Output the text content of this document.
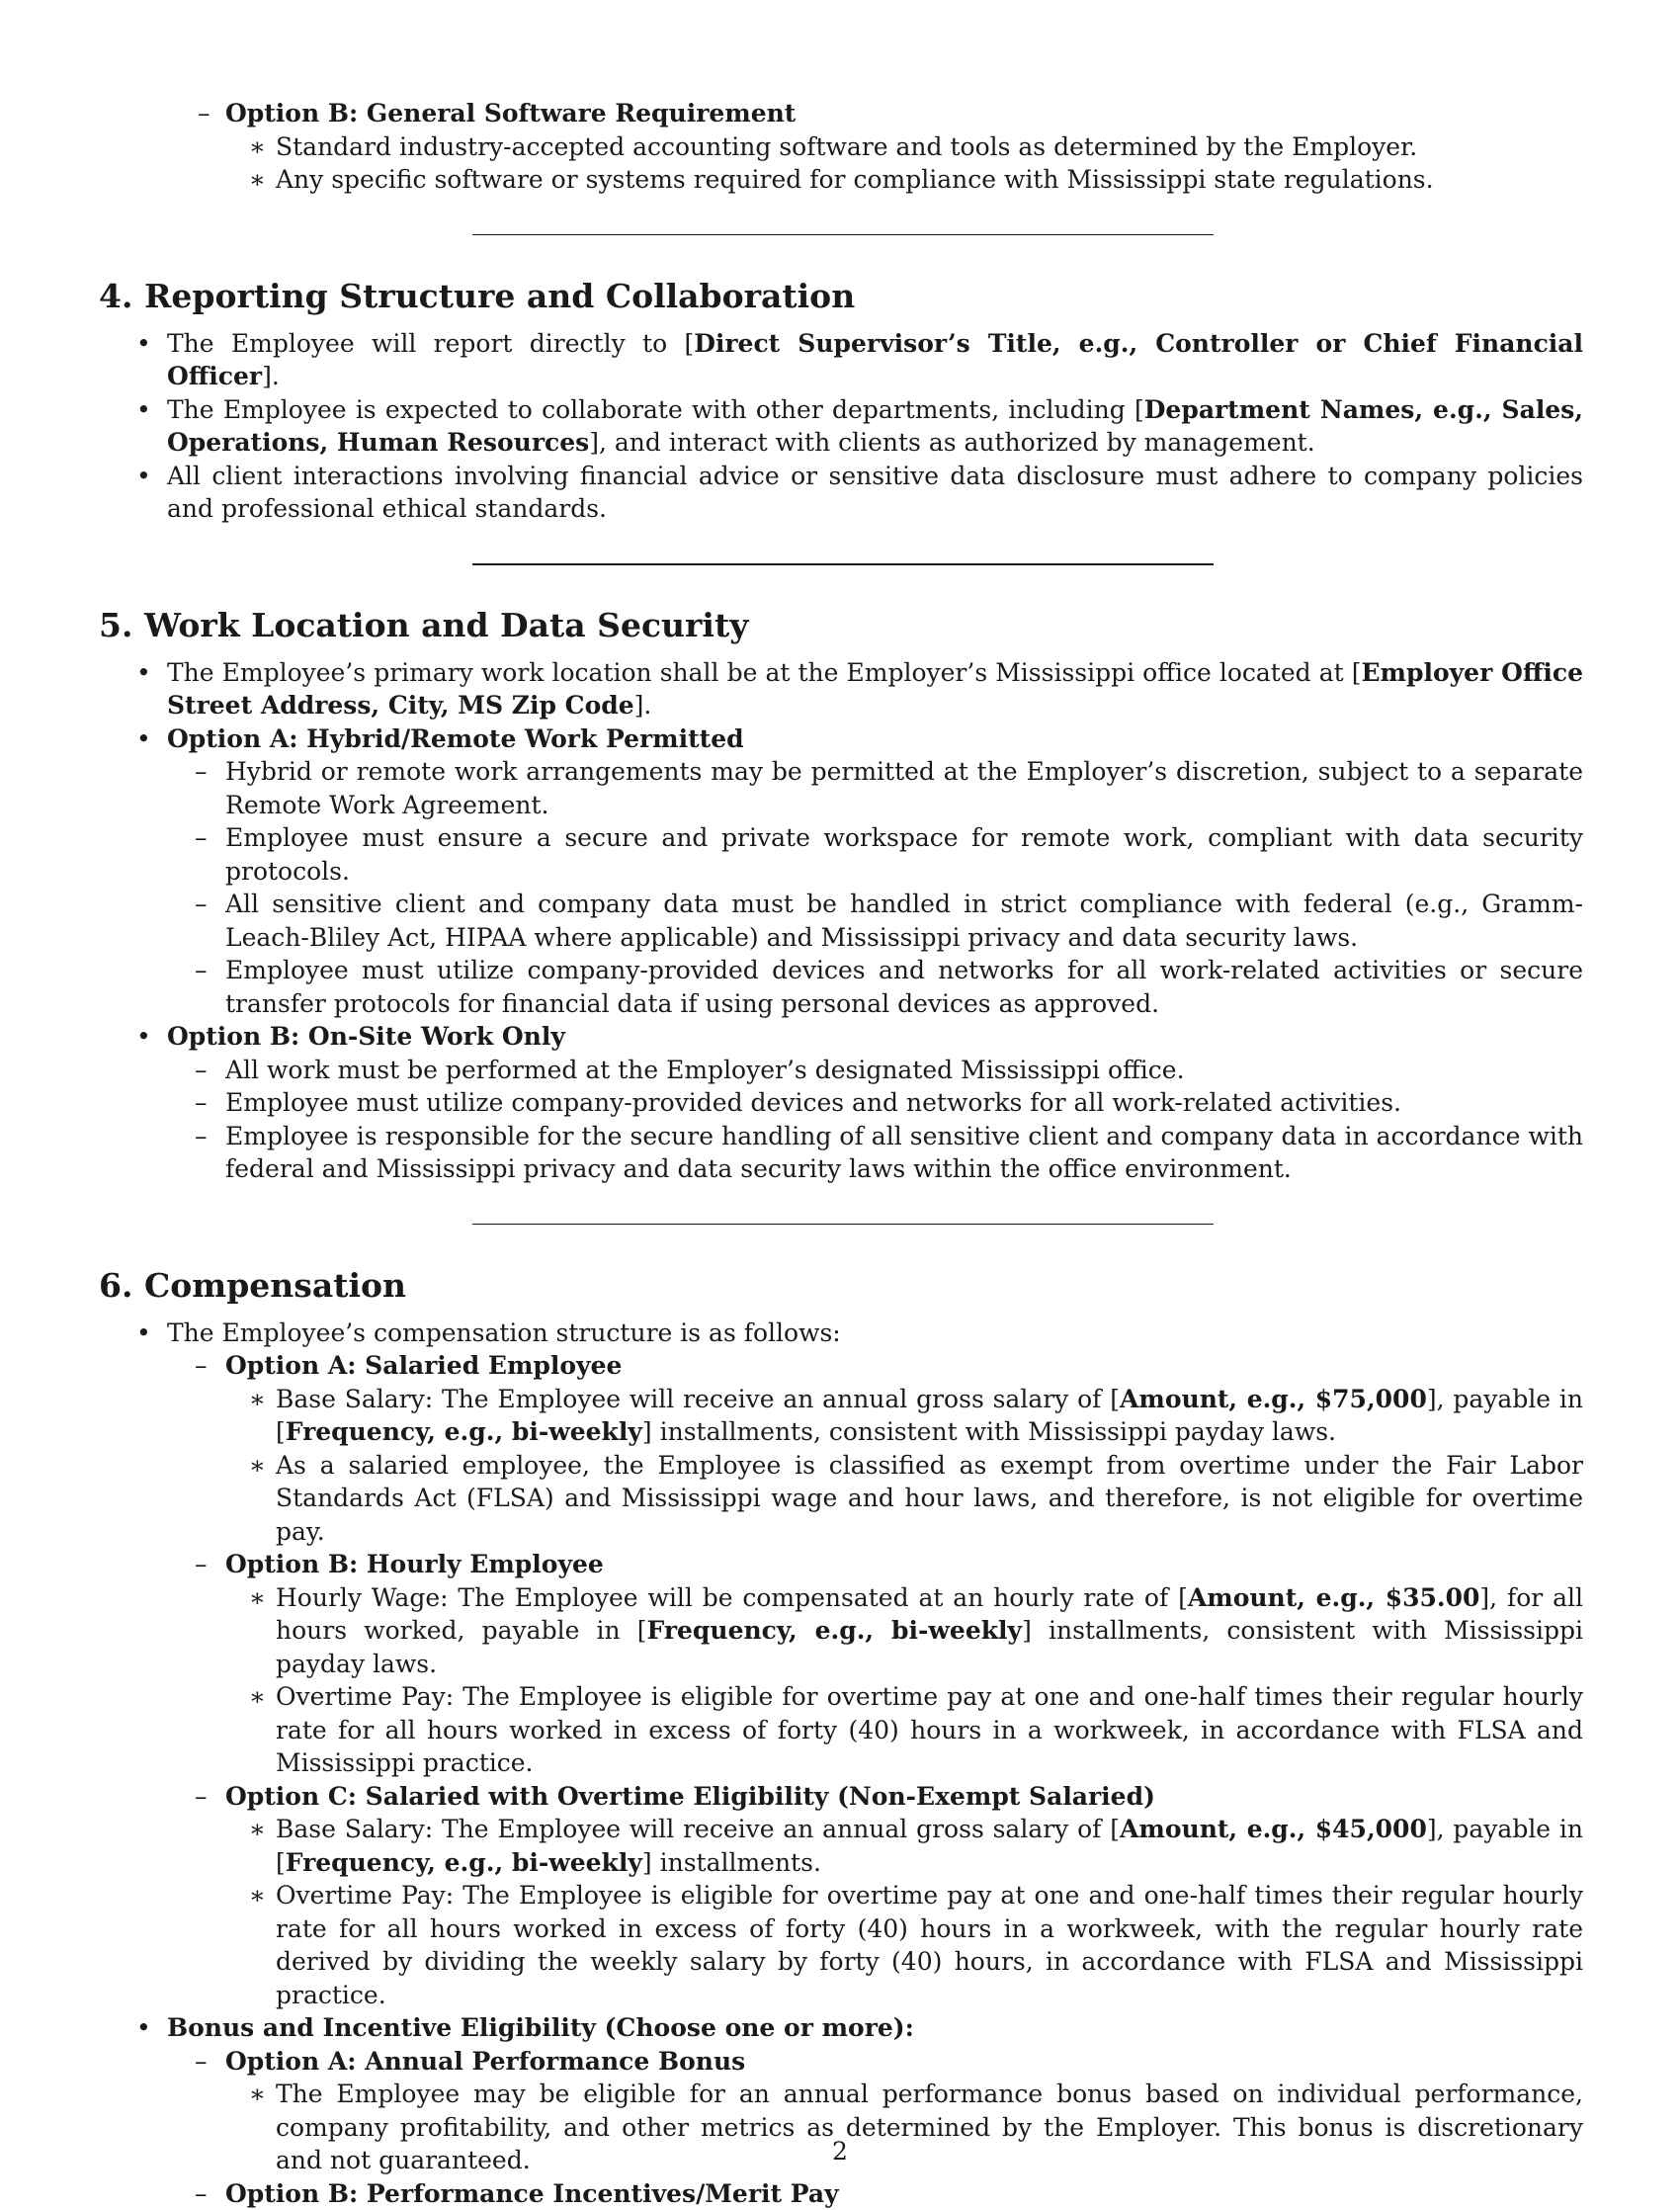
– Option B: General Software Requirement
∗ Standard industry-accepted accounting software and tools as determined by the Employer.
∗ Any specific software or systems required for compliance with Mississippi state regulations.
4. Reporting Structure and Collaboration
• The Employee will report directly to [Direct Supervisor’s Title, e.g., Controller or Chief Financial Officer].
• The Employee is expected to collaborate with other departments, including [Department Names, e.g., Sales, Operations, Human Resources], and interact with clients as authorized by management.
• All client interactions involving financial advice or sensitive data disclosure must adhere to company policies and professional ethical standards.
5. Work Location and Data Security
• The Employee’s primary work location shall be at the Employer’s Mississippi office located at [Employer Office Street Address, City, MS Zip Code].
• Option A: Hybrid/Remote Work Permitted
– Hybrid or remote work arrangements may be permitted at the Employer’s discretion, subject to a separate Remote Work Agreement.
– Employee must ensure a secure and private workspace for remote work, compliant with data security protocols.
– All sensitive client and company data must be handled in strict compliance with federal (e.g., Gramm-Leach-Bliley Act, HIPAA where applicable) and Mississippi privacy and data security laws.
– Employee must utilize company-provided devices and networks for all work-related activities or secure transfer protocols for financial data if using personal devices as approved.
• Option B: On-Site Work Only
– All work must be performed at the Employer’s designated Mississippi office.
– Employee must utilize company-provided devices and networks for all work-related activities.
– Employee is responsible for the secure handling of all sensitive client and company data in accordance with federal and Mississippi privacy and data security laws within the office environment.
6. Compensation
• The Employee’s compensation structure is as follows:
– Option A: Salaried Employee
∗ Base Salary: The Employee will receive an annual gross salary of [Amount, e.g., $75,000], payable in [Frequency, e.g., bi-weekly] installments, consistent with Mississippi payday laws.
∗ As a salaried employee, the Employee is classified as exempt from overtime under the Fair Labor Standards Act (FLSA) and Mississippi wage and hour laws, and therefore, is not eligible for overtime pay.
– Option B: Hourly Employee
∗ Hourly Wage: The Employee will be compensated at an hourly rate of [Amount, e.g., $35.00], for all hours worked, payable in [Frequency, e.g., bi-weekly] installments, consistent with Mississippi payday laws.
∗ Overtime Pay: The Employee is eligible for overtime pay at one and one-half times their regular hourly rate for all hours worked in excess of forty (40) hours in a workweek, in accordance with FLSA and Mississippi practice.
– Option C: Salaried with Overtime Eligibility (Non-Exempt Salaried)
∗ Base Salary: The Employee will receive an annual gross salary of [Amount, e.g., $45,000], payable in [Frequency, e.g., bi-weekly] installments.
∗ Overtime Pay: The Employee is eligible for overtime pay at one and one-half times their regular hourly rate for all hours worked in excess of forty (40) hours in a workweek, with the regular hourly rate derived by dividing the weekly salary by forty (40) hours, in accordance with FLSA and Mississippi practice.
• Bonus and Incentive Eligibility (Choose one or more):
– Option A: Annual Performance Bonus
∗ The Employee may be eligible for an annual performance bonus based on individual performance, company profitability, and other metrics as determined by the Employer. This bonus is discretionary and not guaranteed.
– Option B: Performance Incentives/Merit Pay
2
